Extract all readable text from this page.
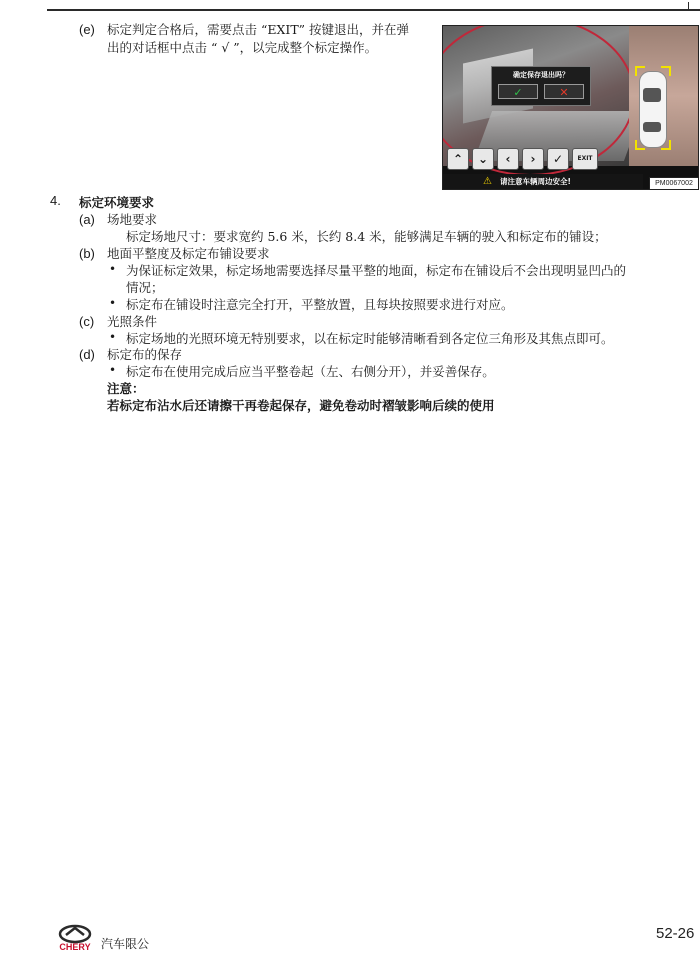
(e) 标定判定合格后，需要点击 “EXIT” 按键退出，并在弹
出的对话框中点击 “ √ ”，以完成整个标定操作。
确定保存退出吗？
✓	✕
⌃	⌄	‹	›	✓	EXIT
⚠ 请注意车辆周边安全!	PM0067002
4. 标定环境要求
(a) 场地要求
标定场地尺寸：要求宽约 5.6 米，长约 8.4 米，能够满足车辆的驶入和标定布的铺设；
(b) 地面平整度及标定布铺设要求
• 为保证标定效果，标定场地需要选择尽量平整的地面，标定布在铺设后不会出现明显凹凸的
情况；
• 标定布在铺设时注意完全打开，平整放置，且每块按照要求进行对应。
(c) 光照条件
• 标定场地的光照环境无特别要求，以在标定时能够清晰看到各定位三角形及其焦点即可。
(d) 标定布的保存
• 标定布在使用完成后应当平整卷起（左、右侧分开），并妥善保存。
注意：
若标定布沾水后还请擦干再卷起保存，避免卷动时褶皱影响后续的使用
CHERY 汽车限公
52-26
